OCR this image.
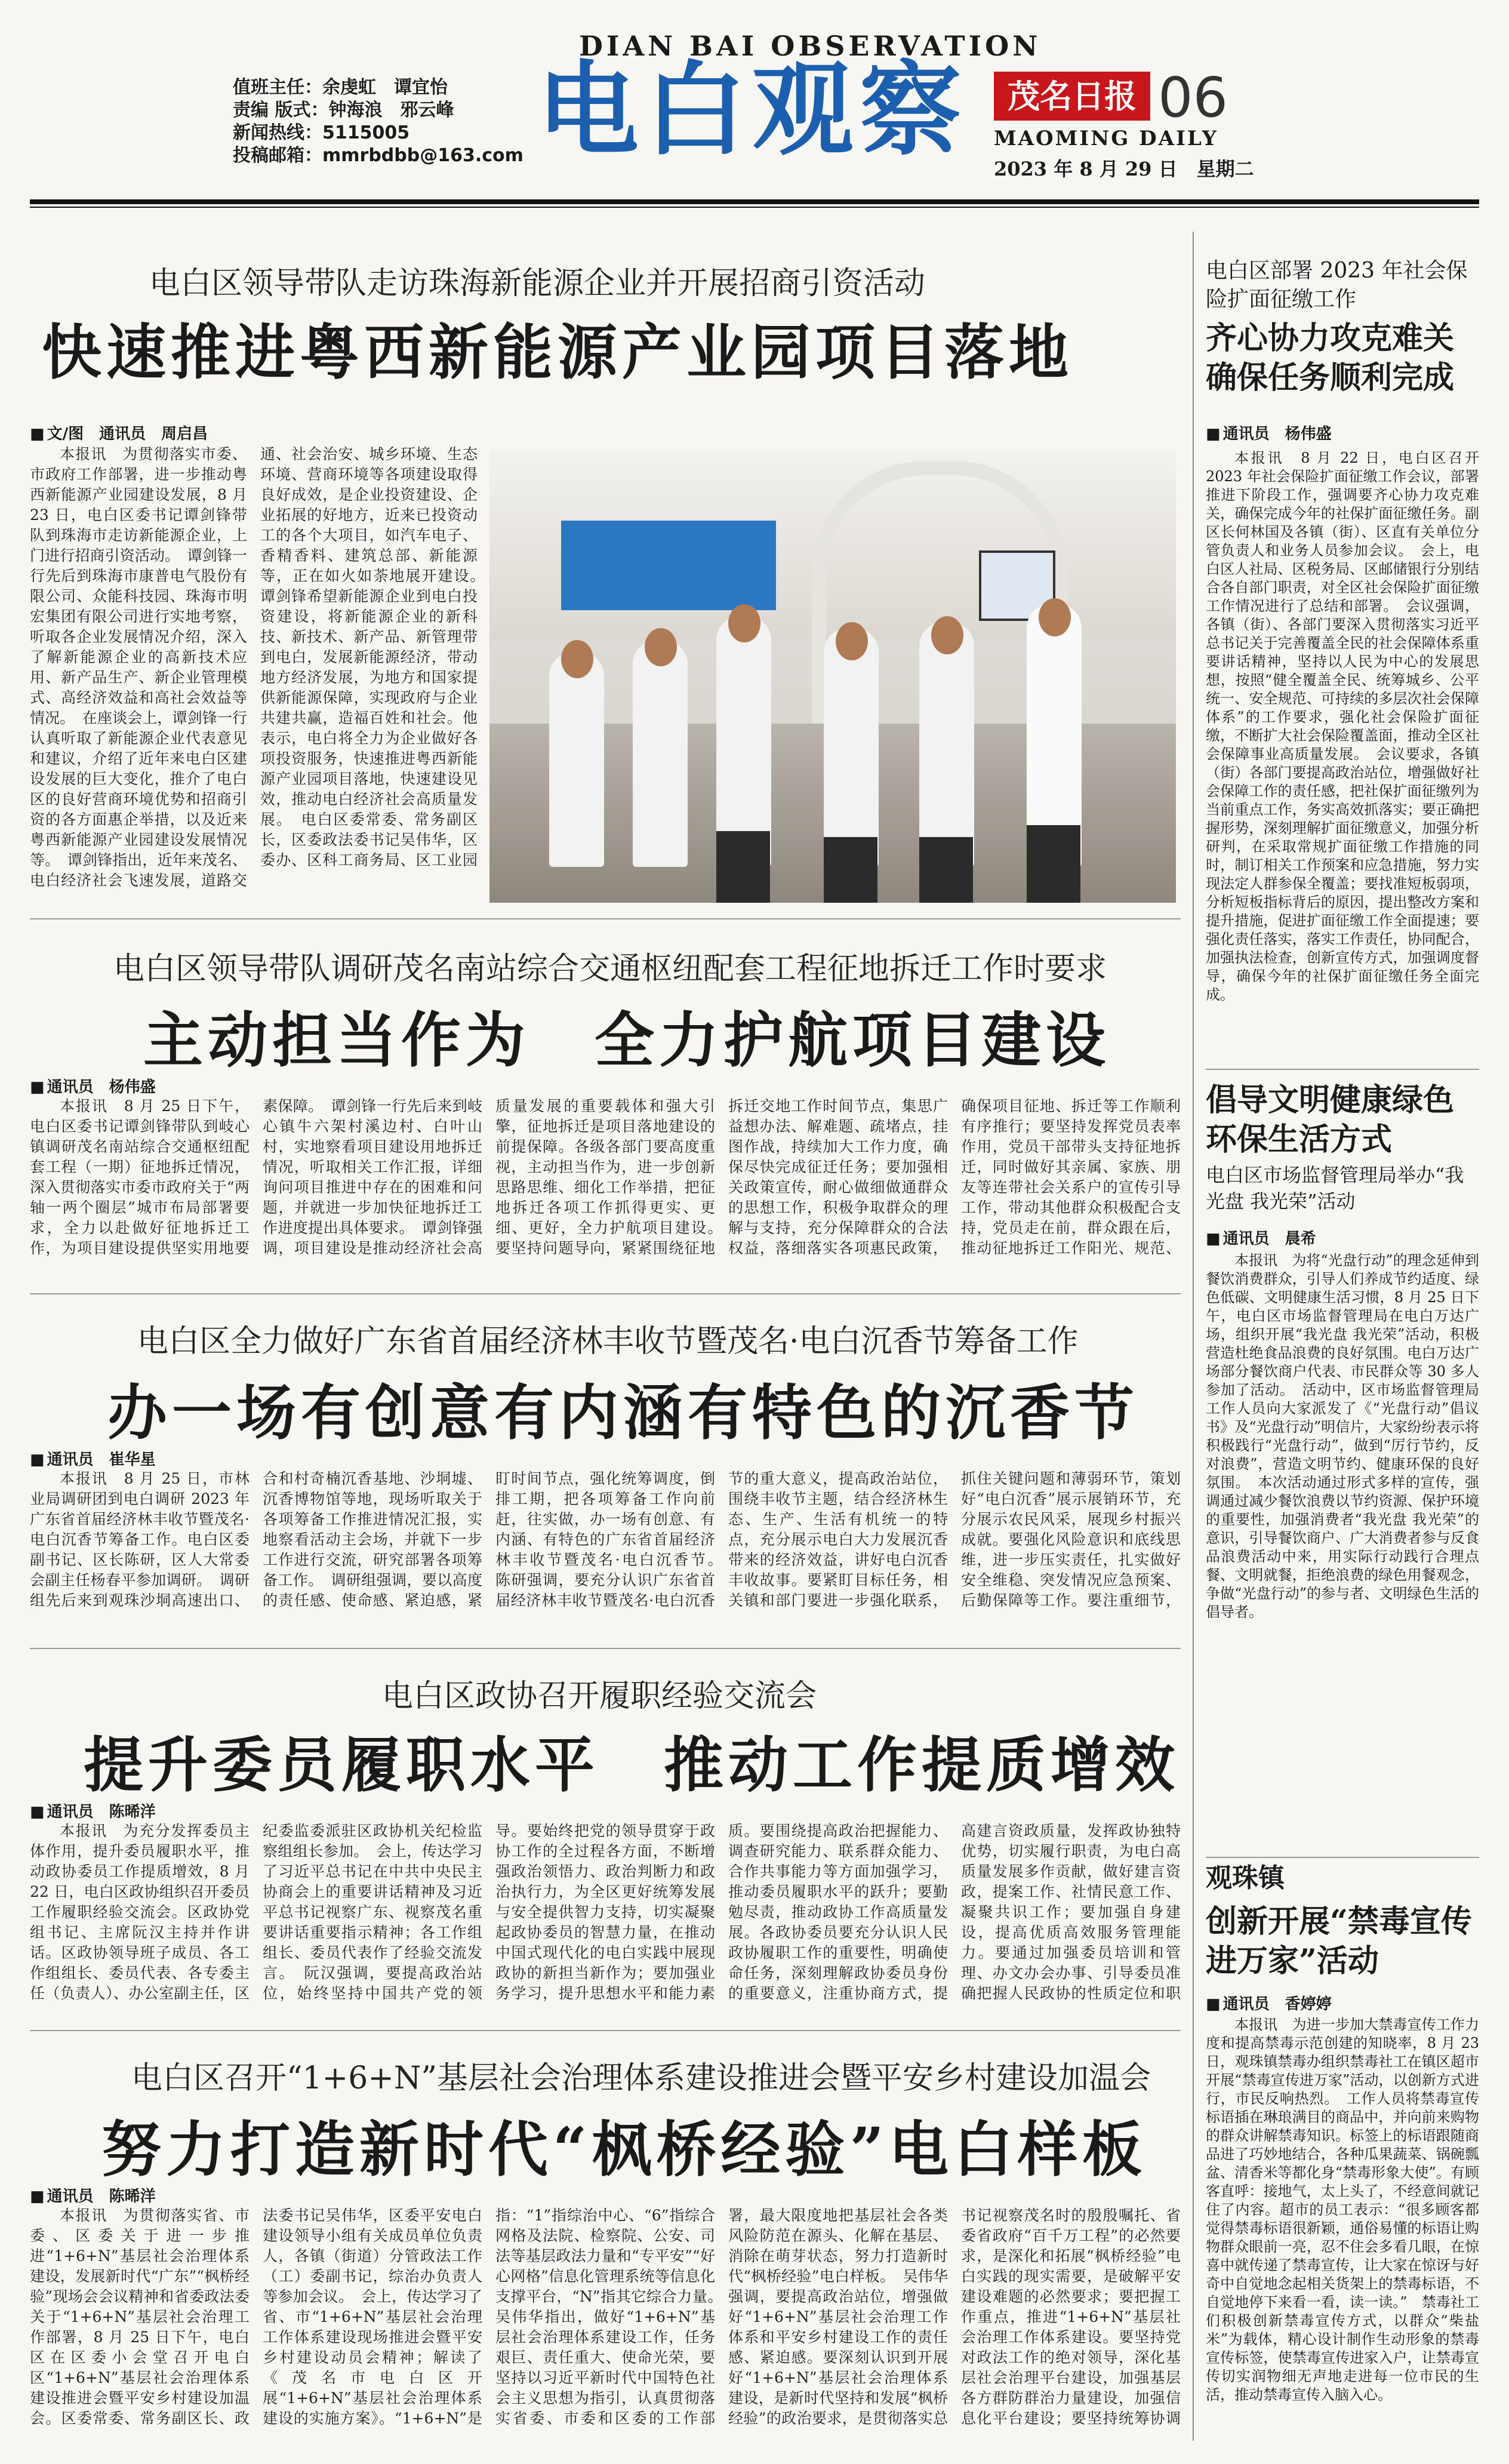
值班主任：余虔虹　谭宜怡
责编 版式：钟海浪　邪云峰
新闻热线：5115005
投稿邮箱：mmrbdbb@163.com
DIAN BAI OBSERVATION
电白观察	茂名日报 06
MAOMING DAILY
2023 年 8 月 29 日　星期二
电白区领导带队走访珠海新能源企业并开展招商引资活动
快速推进粤西新能源产业园项目落地
■ 文/图　通讯员　周启昌
本报讯　为贯彻落实市委、市政府工作部署，进一步推动粤西新能源产业园建设发展，8 月 23 日，电白区委书记谭剑锋带队到珠海市走访新能源企业，上门进行招商引资活动。　谭剑锋一行先后到珠海市康普电气股份有限公司、众能科技园、珠海市明宏集团有限公司进行实地考察，听取各企业发展情况介绍，深入了解新能源企业的高新技术应用、新产品生产、新企业管理模式、高经济效益和高社会效益等情况。　在座谈会上，谭剑锋一行认真听取了新能源企业代表意见和建议，介绍了近年来电白区建设发展的巨大变化，推介了电白区的良好营商环境优势和招商引资的各方面惠企举措，以及近来粤西新能源产业园建设发展情况等。　谭剑锋指出，近年来茂名、电白经济社会飞速发展，道路交通、社会治安、城乡环境、生态环境、营商环境等各项建设取得良好成效，是企业投资建设、企业拓展的好地方，近来已投资动工的各个大项目，如汽车电子、香精香料、建筑总部、新能源等，正在如火如荼地展开建设。　谭剑锋希望新能源企业到电白投资建设，将新能源企业的新科技、新技术、新产品、新管理带到电白，发展新能源经济，带动地方经济发展，为地方和国家提供新能源保障，实现政府与企业共建共赢，造福百姓和社会。他表示，电白将全力为企业做好各项投资服务，快速推进粤西新能源产业园项目落地，快速建设见效，推动电白经济社会高质量发展。　电白区委常委、常务副区长，区委政法委书记吴伟华，区委办、区科工商务局、区工业园
电白区领导带队调研茂名南站综合交通枢纽配套工程征地拆迁工作时要求
主动担当作为　全力护航项目建设
■ 通讯员　杨伟盛
本报讯　8 月 25 日下午，电白区委书记谭剑锋带队到岐心镇调研茂名南站综合交通枢纽配套工程（一期）征地拆迁情况，深入贯彻落实市委市政府关于“两轴一两个圈层”城市布局部署要求，全力以赴做好征地拆迁工作，为项目建设提供坚实用地要素保障。　谭剑锋一行先后来到岐心镇牛六架村溪边村、白叶山村，实地察看项目建设用地拆迁情况，听取相关工作汇报，详细询问项目推进中存在的困难和问题，并就进一步加快征地拆迁工作进度提出具体要求。　谭剑锋强调，项目建设是推动经济社会高质量发展的重要载体和强大引擎，征地拆迁是项目落地建设的前提保障。各级各部门要高度重视，主动担当作为，进一步创新思路思维、细化工作举措，把征地拆迁各项工作抓得更实、更细、更好，全力护航项目建设。　要坚持问题导向，紧紧围绕征地拆迁交地工作时间节点，集思广益想办法、解难题、疏堵点，挂图作战，持续加大工作力度，确保尽快完成征迁任务；要加强相关政策宣传，耐心做细做通群众的思想工作，积极争取群众的理解与支持，充分保障群众的合法权益，落细落实各项惠民政策，确保项目征地、拆迁等工作顺利有序推行；要坚持发挥党员表率作用，党员干部带头支持征地拆迁，同时做好其亲属、家族、朋友等连带社会关系户的宣传引导工作，带动其他群众积极配合支持，党员走在前，群众跟在后，推动征地拆迁工作阳光、规范、　
电白区全力做好广东省首届经济林丰收节暨茂名·电白沉香节筹备工作
办一场有创意有内涵有特色的沉香节
■ 通讯员　崔华星
本报讯　8 月 25 日，市林业局调研团到电白调研 2023 年广东省首届经济林丰收节暨茂名·电白沉香节筹备工作。电白区委副书记、区长陈研，区人大常委会副主任杨春平参加调研。　调研组先后来到观珠沙垌高速出口、合和村奇楠沉香基地、沙垌墟、沉香博物馆等地，现场听取关于各项筹备工作推进情况汇报，实地察看活动主会场，并就下一步工作进行交流，研究部署各项筹备工作。　调研组强调，要以高度的责任感、使命感、紧迫感，紧盯时间节点，强化统筹调度，倒排工期，把各项筹备工作向前赶，往实做，办一场有创意、有内涵、有特色的广东省首届经济林丰收节暨茂名·电白沉香节。　陈研强调，要充分认识广东省首届经济林丰收节暨茂名·电白沉香节的重大意义，提高政治站位，围绕丰收节主题，结合经济林生态、生产、生活有机统一的特点，充分展示电白大力发展沉香带来的经济效益，讲好电白沉香丰收故事。要紧盯目标任务，相关镇和部门要进一步强化联系，抓住关键问题和薄弱环节，策划好“电白沉香”展示展销环节，充分展示农民风采，展现乡村振兴成就。要强化风险意识和底线思维，进一步压实责任，扎实做好安全维稳、突发情况应急预案、后勤保障等工作。要注重细节，
电白区政协召开履职经验交流会
提升委员履职水平　推动工作提质增效
■ 通讯员　陈晞洋
本报讯　为充分发挥委员主体作用，提升委员履职水平，推动政协委员工作提质增效，8 月 22 日，电白区政协组织召开委员工作履职经验交流会。区政协党组书记、主席阮汉主持并作讲话。区政协领导班子成员、各工作组组长、委员代表、各专委主任（负责人）、办公室副主任，区纪委监委派驻区政协机关纪检监察组组长参加。　会上，传达学习了习近平总书记在中共中央民主协商会上的重要讲话精神及习近平总书记视察广东、视察茂名重要讲话重要指示精神；各工作组组长、委员代表作了经验交流发言。　阮汉强调，要提高政治站位，始终坚持中国共产党的领导。要始终把党的领导贯穿于政协工作的全过程各方面，不断增强政治领悟力、政治判断力和政治执行力，为全区更好统筹发展与安全提供智力支持，切实凝聚起政协委员的智慧力量，在推动中国式现代化的电白实践中展现政协的新担当新作为；要加强业务学习，提升思想水平和能力素质。要围绕提高政治把握能力、调查研究能力、联系群众能力、合作共事能力等方面加强学习，推动委员履职水平的跃升；要勤勉尽责，推动政协工作高质量发展。各政协委员要充分认识人民政协履职工作的重要性，明确使命任务，深刻理解政协委员身份的重要意义，注重协商方式，提高建言资政质量，发挥政协独特优势，切实履行职责，为电白高质量发展多作贡献，做好建言资政，提案工作、社情民意工作、凝聚共识工作；要加强自身建设，提高优质高效服务管理能力。要通过加强委员培训和管理、办文办会办事、引导委员准确把握人民政协的性质定位和职
电白区召开“1+6+N”基层社会治理体系建设推进会暨平安乡村建设加温会
努力打造新时代“枫桥经验”电白样板
■ 通讯员　陈晞洋
本报讯　为贯彻落实省、市委、区委关于进一步推进“1+6+N”基层社会治理体系建设，发展新时代“广东”“枫桥经验”现场会会议精神和省委政法委关于“1+6+N”基层社会治理工作部署，8 月 25 日下午，电白区在区委小会堂召开电白区“1+6+N”基层社会治理体系建设推进会暨平安乡村建设加温会。区委常委、常务副区长、政法委书记吴伟华，区委平安电白建设领导小组有关成员单位负责人，各镇（街道）分管政法工作（工）委副书记，综治办负责人等参加会议。　会上，传达学习了省、市“1+6+N”基层社会治理工作体系建设现场推进会暨平安乡村建设动员会精神；解读了《茂名市电白区开展“1+6+N”基层社会治理体系建设的实施方案》。“1+6+N”是指：“1”指综治中心、“6”指综合网格及法院、检察院、公安、司法等基层政法力量和“专平安”“好心网格”信息化管理系统等信息化支撑平台，“N”指其它综合力量。　吴伟华指出，做好“1+6+N”基层社会治理体系建设工作，任务艰巨、责任重大、使命光荣，要坚持以习近平新时代中国特色社会主义思想为指引，认真贯彻落实省委、市委和区委的工作部署，最大限度地把基层社会各类风险防范在源头、化解在基层、消除在萌芽状态，努力打造新时代“枫桥经验”电白样板。　吴伟华强调，要提高政治站位，增强做好“1+6+N”基层社会治理工作体系和平安乡村建设工作的责任感、紧迫感。要深刻认识到开展好“1+6+N”基层社会治理体系建设，是新时代坚持和发展“枫桥经验”的政治要求，是贯彻落实总书记视察茂名时的殷殷嘱托、省委省政府“百千万工程”的必然要求，是深化和拓展“枫桥经验”电白实践的现实需要，是破解平安建设难题的必然要求；要把握工作重点，推进“1+6+N”基层社会治理工作体系建设。要坚持党对政法工作的绝对领导，深化基层社会治理平台建设，加强基层各方群防群治力量建设，加强信息化平台建设；要坚持统筹协调
电白区部署 2023 年社会保险扩面征缴工作
齐心协力攻克难关　确保任务顺利完成
■ 通讯员　杨伟盛
本报讯　8 月 22 日，电白区召开 2023 年社会保险扩面征缴工作会议，部署推进下阶段工作，强调要齐心协力攻克难关，确保完成今年的社保扩面征缴任务。副区长何林国及各镇（街）、区直有关单位分管负责人和业务人员参加会议。　会上，电白区人社局、区税务局、区邮储银行分别结合各自部门职责，对全区社会保险扩面征缴工作情况进行了总结和部署。　会议强调，各镇（街）、各部门要深入贯彻落实习近平总书记关于完善覆盖全民的社会保障体系重要讲话精神，坚持以人民为中心的发展思想，按照“健全覆盖全民、统筹城乡、公平统一、安全规范、可持续的多层次社会保障体系”的工作要求，强化社会保险扩面征缴，不断扩大社会保险覆盖面，推动全区社会保障事业高质量发展。　会议要求，各镇（街）各部门要提高政治站位，增强做好社会保障工作的责任感，把社保扩面征缴列为当前重点工作，务实高效抓落实；要正确把握形势，深刻理解扩面征缴意义，加强分析研判，在采取常规扩面征缴工作措施的同时，制订相关工作预案和应急措施，努力实现法定人群参保全覆盖；要找准短板弱项，分析短板指标背后的原因，提出整改方案和提升措施，促进扩面征缴工作全面提速；要强化责任落实，落实工作责任，协同配合，加强执法检查，创新宣传方式，加强调度督导，确保今年的社保扩面征缴任务全面完成。
倡导文明健康绿色环保生活方式
电白区市场监督管理局举办“我光盘 我光荣”活动
■ 通讯员　晨希
本报讯　为将“光盘行动”的理念延伸到餐饮消费群众，引导人们养成节约适度、绿色低碳、文明健康生活习惯，8 月 25 日下午，电白区市场监督管理局在电白万达广场，组织开展“我光盘 我光荣”活动，积极营造杜绝食品浪费的良好氛围。电白万达广场部分餐饮商户代表、市民群众等 30 多人参加了活动。　活动中，区市场监督管理局工作人员向大家派发了《“光盘行动”倡议书》及“光盘行动”明信片，大家纷纷表示将积极践行“光盘行动”，做到“厉行节约，反对浪费”，营造文明节约、健康环保的良好氛围。　本次活动通过形式多样的宣传，强调通过减少餐饮浪费以节约资源、保护环境的重要性，加强消费者“我光盘 我光荣”的意识，引导餐饮商户、广大消费者参与反食品浪费活动中来，用实际行动践行合理点餐、文明就餐，拒绝浪费的绿色用餐观念，争做“光盘行动”的参与者、文明绿色生活的倡导者。
观珠镇
创新开展“禁毒宣传进万家”活动
■ 通讯员　香婷婷
本报讯　为进一步加大禁毒宣传工作力度和提高禁毒示范创建的知晓率，8 月 23 日，观珠镇禁毒办组织禁毒社工在镇区超市开展“禁毒宣传进万家”活动，以创新方式进行，市民反响热烈。　工作人员将禁毒宣传标语插在琳琅满目的商品中，并向前来购物的群众讲解禁毒知识。标签上的标语跟随商品进了巧妙地结合，各种瓜果蔬菜、锅碗瓢盆、清香米等都化身“禁毒形象大使”。有顾客直呼：接地气，太上头了，不经意间就记住了内容。超市的员工表示：“很多顾客都觉得禁毒标语很新颖，通俗易懂的标语让购物群众眼前一亮，忍不住会多看几眼，在惊喜中就传递了禁毒宣传，让大家在惊讶与好奇中自觉地念起相关货架上的禁毒标语，不自觉地停下来看一看，读一读。”　禁毒社工们积极创新禁毒宣传方式，以群众“柴盐米”为载体，精心设计制作生动形象的禁毒宣传标签，使禁毒宣传进家入户，让禁毒宣传切实润物细无声地走进每一位市民的生活，推动禁毒宣传入脑入心。
